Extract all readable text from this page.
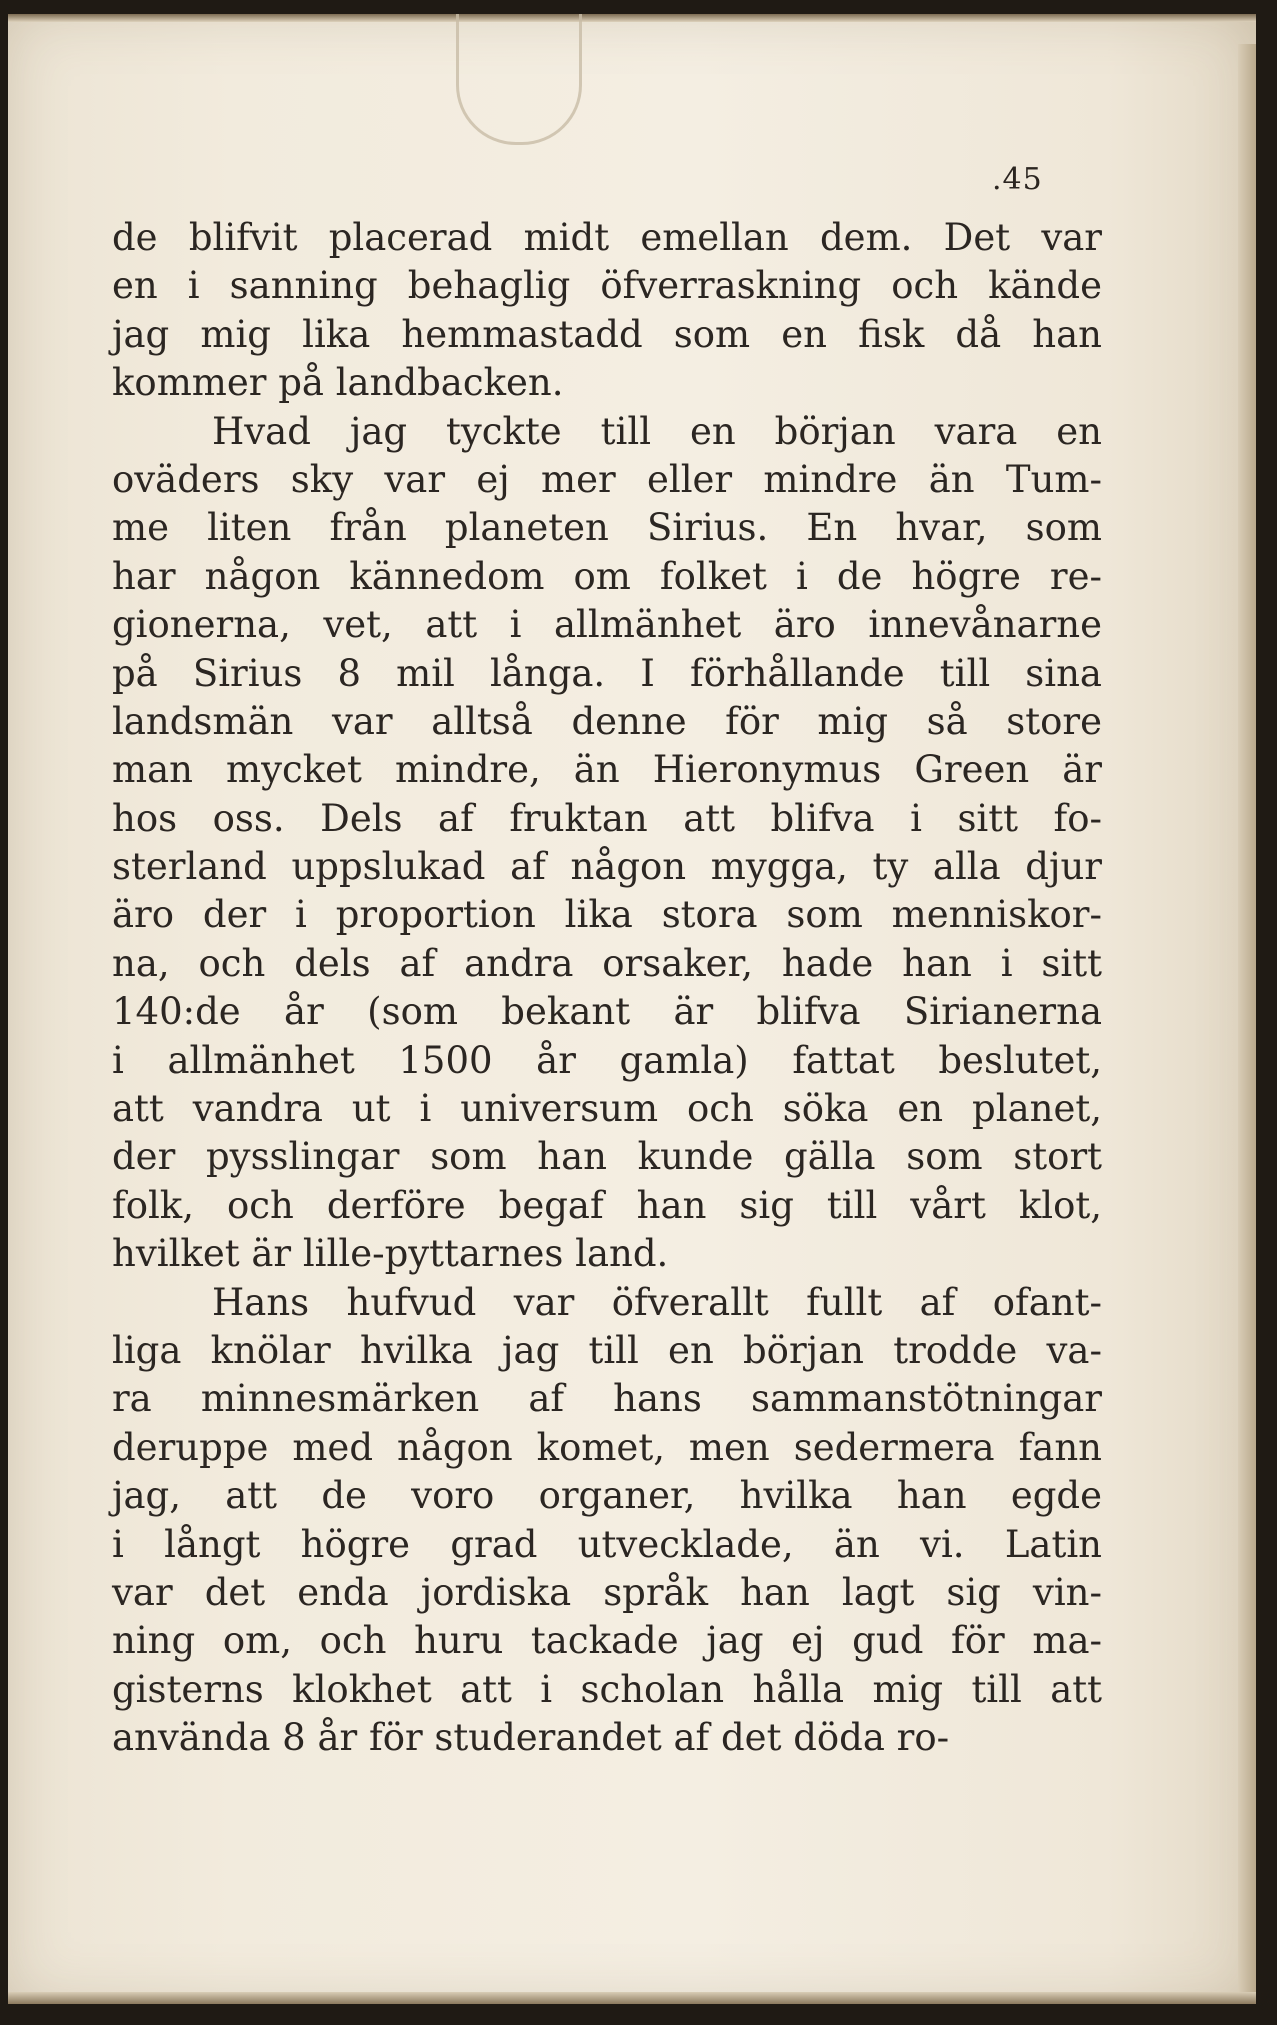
.45
de blifvit placerad midt emellan dem. Det var
en i sanning behaglig öfverraskning och kände
jag mig lika hemmastadd som en fisk då han
kommer på landbacken.
Hvad jag tyckte till en början vara en
oväders sky var ej mer eller mindre än Tum-
me liten från planeten Sirius. En hvar, som
har någon kännedom om folket i de högre re-
gionerna, vet, att i allmänhet äro innevånarne
på Sirius 8 mil långa. I förhållande till sina
landsmän var alltså denne för mig så store
man mycket mindre, än Hieronymus Green är
hos oss. Dels af fruktan att blifva i sitt fo-
sterland uppslukad af någon mygga, ty alla djur
äro der i proportion lika stora som menniskor-
na, och dels af andra orsaker, hade han i sitt
140:de år (som bekant är blifva Sirianerna
i allmänhet 1500 år gamla) fattat beslutet,
att vandra ut i universum och söka en planet,
der pysslingar som han kunde gälla som stort
folk, och derföre begaf han sig till vårt klot,
hvilket är lille-pyttarnes land.
Hans hufvud var öfverallt fullt af ofant-
liga knölar hvilka jag till en början trodde va-
ra minnesmärken af hans sammanstötningar
deruppe med någon komet, men sedermera fann
jag, att de voro organer, hvilka han egde
i långt högre grad utvecklade, än vi. Latin
var det enda jordiska språk han lagt sig vin-
ning om, och huru tackade jag ej gud för ma-
gisterns klokhet att i scholan hålla mig till att
använda 8 år för studerandet af det döda ro-
